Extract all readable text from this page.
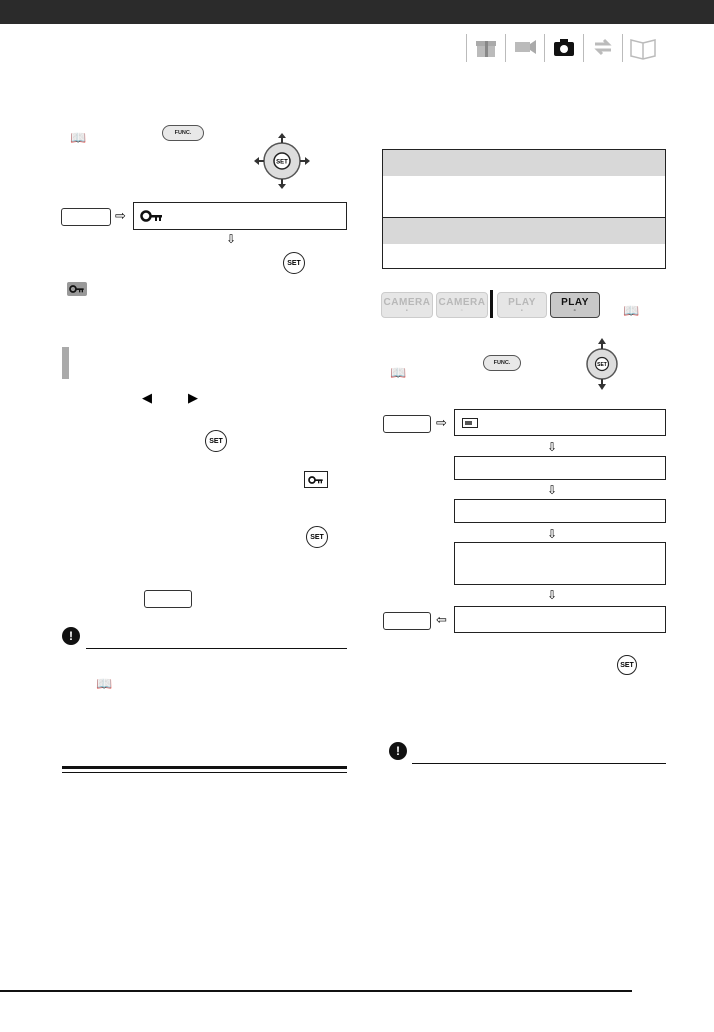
📖	FUNC.
SET
⇨
⇩
SET
◀	▶
SET
SET
!
📖
CAMERA
▪
CAMERA
▫
PLAY
▪
PLAY
▫	📖
📖
FUNC.	SET
⇨
⇩
⇩
⇩
⇩
⇦
SET
!
